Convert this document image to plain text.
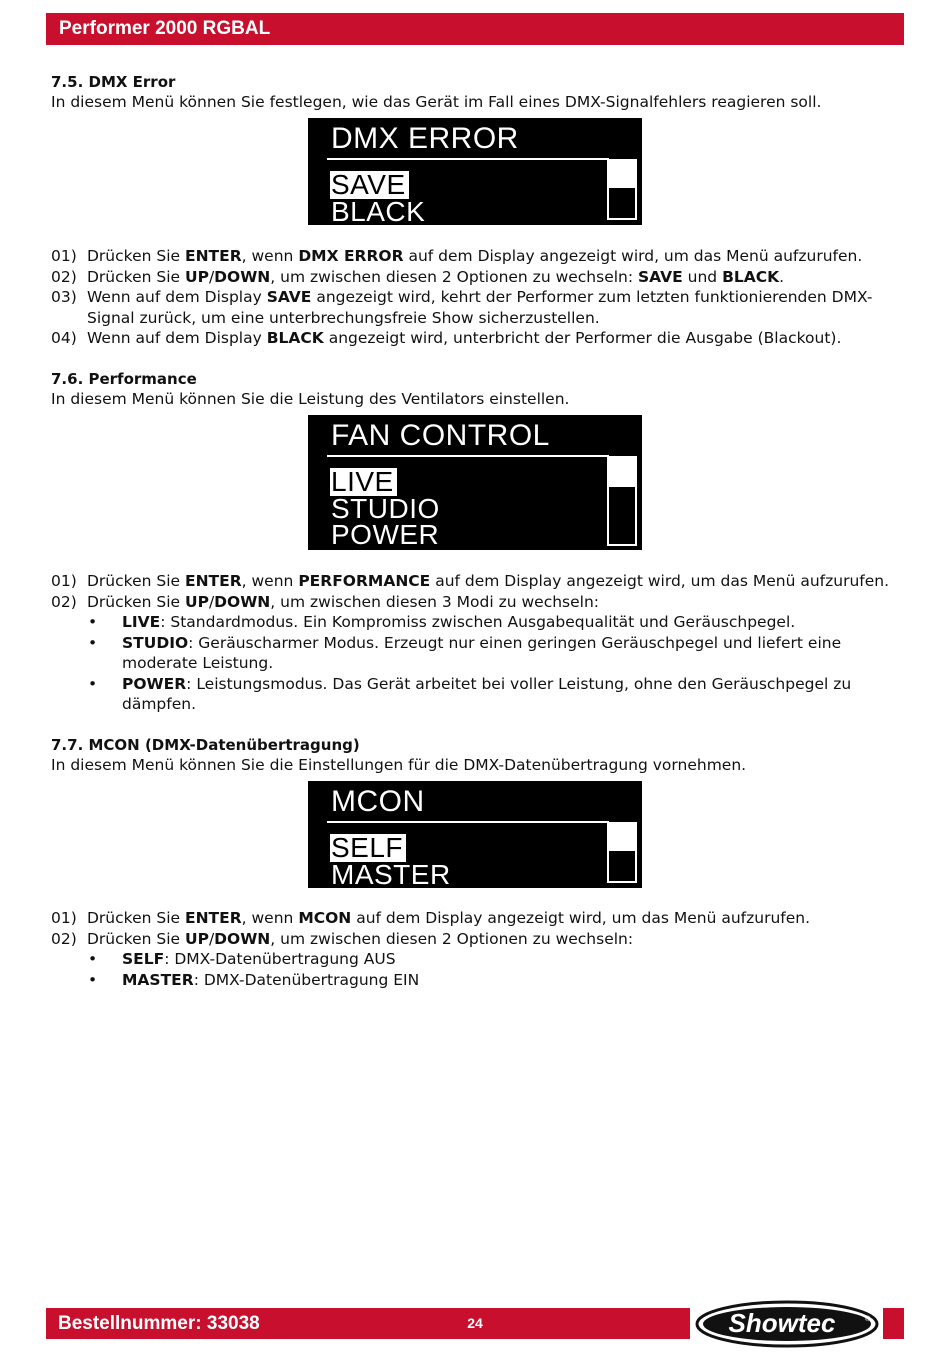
Performer 2000 RGBAL
7.5. DMX Error
In diesem Menü können Sie festlegen, wie das Gerät im Fall eines DMX-Signalfehlers reagieren soll.
DMX ERROR
SAVE
BLACK
01) Drücken Sie ENTER, wenn DMX ERROR auf dem Display angezeigt wird, um das Menü aufzurufen.
02) Drücken Sie UP/DOWN, um zwischen diesen 2 Optionen zu wechseln: SAVE und BLACK.
03) Wenn auf dem Display SAVE angezeigt wird, kehrt der Performer zum letzten funktionierenden DMX-Signal zurück, um eine unterbrechungsfreie Show sicherzustellen.
04) Wenn auf dem Display BLACK angezeigt wird, unterbricht der Performer die Ausgabe (Blackout).
7.6. Performance
In diesem Menü können Sie die Leistung des Ventilators einstellen.
FAN CONTROL
LIVE
STUDIO
POWER
01) Drücken Sie ENTER, wenn PERFORMANCE auf dem Display angezeigt wird, um das Menü aufzurufen.
02) Drücken Sie UP/DOWN, um zwischen diesen 3 Modi zu wechseln:
• LIVE: Standardmodus. Ein Kompromiss zwischen Ausgabequalität und Geräuschpegel.
• STUDIO: Geräuscharmer Modus. Erzeugt nur einen geringen Geräuschpegel und liefert eine moderate Leistung.
• POWER: Leistungsmodus. Das Gerät arbeitet bei voller Leistung, ohne den Geräuschpegel zu dämpfen.
7.7. MCON (DMX-Datenübertragung)
In diesem Menü können Sie die Einstellungen für die DMX-Datenübertragung vornehmen.
MCON
SELF
MASTER
01) Drücken Sie ENTER, wenn MCON auf dem Display angezeigt wird, um das Menü aufzurufen.
02) Drücken Sie UP/DOWN, um zwischen diesen 2 Optionen zu wechseln:
• SELF: DMX-Datenübertragung AUS
• MASTER: DMX-Datenübertragung EIN
Bestellnummer: 33038	24	Showtec	®
